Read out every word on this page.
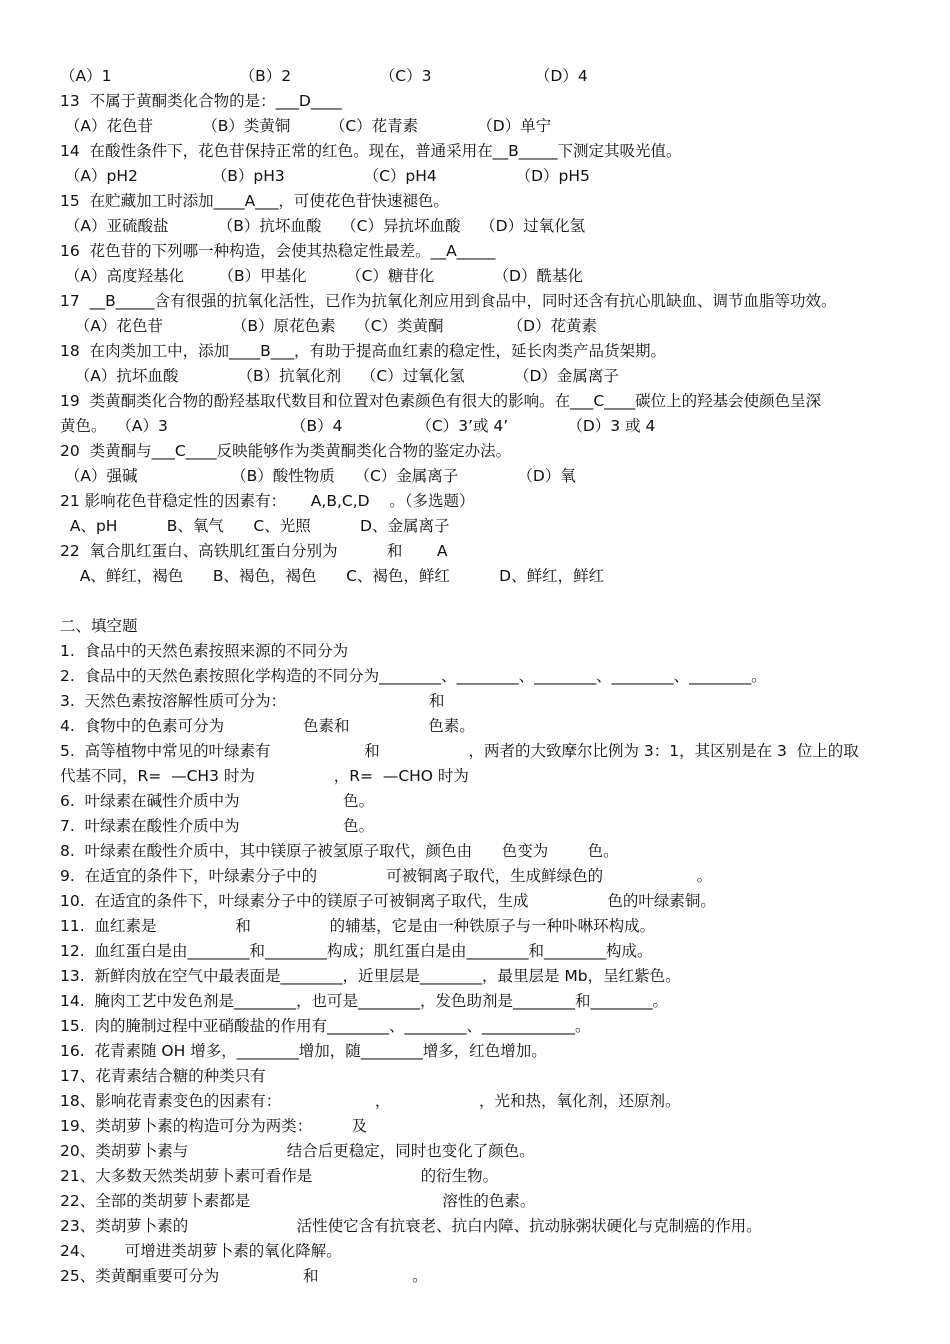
（A）1                          （B）2                  （C）3                     （D）4
13  不属于黄酮类化合物的是：___D____
（A）花色苷          （B）类黄铜        （C）花青素            （D）单宁
14  在酸性条件下，花色苷保持正常的红色。现在，普通采用在__B_____下测定其吸光值。
（A）pH2               （B）pH3                （C）pH4                （D）pH5
15  在贮藏加工时添加____A___，可使花色苷快速褪色。
（A）亚硫酸盐          （B）抗坏血酸    （C）异抗坏血酸    （D）过氧化氢
16  花色苷的下列哪一种构造，会使其热稳定性最差。__A_____
（A）高度羟基化       （B）甲基化        （C）糖苷化            （D）酰基化
17  __B_____含有很强的抗氧化活性，已作为抗氧化剂应用到食品中，同时还含有抗心肌缺血、调节血脂等功效。
（A）花色苷              （B）原花色素    （C）类黄酮             （D）花黄素
18  在肉类加工中，添加____B___，有助于提高血红素的稳定性，延长肉类产品货架期。
（A）抗坏血酸            （B）抗氧化剂    （C）过氧化氢          （D）金属离子
19  类黄酮类化合物的酚羟基取代数目和位置对色素颜色有很大的影响。在___C____碳位上的羟基会使颜色呈深
黄色。  （A）3                         （B）4               （C）3’或 4’            （D）3 或 4
20  类黄酮与___C____反映能够作为类黄酮类化合物的鉴定办法。
（A）强碱                   （B）酸性物质    （C）金属离子            （D）氧
21 影响花色苷稳定性的因素有：     A,B,C,D    。（多选题）
A、pH          B、氧气      C、光照          D、金属离子
22  氧合肌红蛋白、高铁肌红蛋白分别为          和       A
A、鲜红，褐色      B、褐色，褐色      C、褐色，鲜红          D、鲜红，鲜红
二、填空题
1.  食品中的天然色素按照来源的不同分为
2.  食品中的天然色素按照化学构造的不同分为________、________、________、________、________。
3.  天然色素按溶解性质可分为：                             和
4.  食物中的色素可分为                色素和                色素。
5.  高等植物中常见的叶绿素有                   和                  ，两者的大致摩尔比例为 3：1，其区别是在 3  位上的取
代基不同，R=  —CH3 时为                ，R=  —CHO 时为
6.  叶绿素在碱性介质中为                     色。
7.  叶绿素在酸性介质中为                     色。
8.  叶绿素在酸性介质中，其中镁原子被氢原子取代，颜色由      色变为        色。
9.  在适宜的条件下，叶绿素分子中的              可被铜离子取代，生成鲜绿色的                   。
10.  在适宜的条件下，叶绿素分子中的镁原子可被铜离子取代，生成                色的叶绿素铜。
11.  血红素是                和                的辅基，它是由一种铁原子与一种卟啉环构成。
12.  血红蛋白是由________和________构成；肌红蛋白是由________和________构成。
13.  新鲜肉放在空气中最表面是________，近里层是________，最里层是 Mb，呈红紫色。
14.  腌肉工艺中发色剂是________，也可是________，发色助剂是________和________。
15.  肉的腌制过程中亚硝酸盐的作用有________、________、____________。
16.  花青素随 OH 增多，________增加，随________增多，红色增加。
17、花青素结合糖的种类只有
18、影响花青素变色的因素有：                   ，                  ，光和热，氧化剂，还原剂。
19、类胡萝卜素的构造可分为两类：        及
20、类胡萝卜素与                    结合后更稳定，同时也变化了颜色。
21、大多数天然类胡萝卜素可看作是                      的衍生物。
22、全部的类胡萝卜素都是                                       溶性的色素。
23、类胡萝卜素的                      活性使它含有抗衰老、抗白内障、抗动脉粥状硬化与克制癌的作用。
24、      可增进类胡萝卜素的氧化降解。
25、类黄酮重要可分为                 和                   。
